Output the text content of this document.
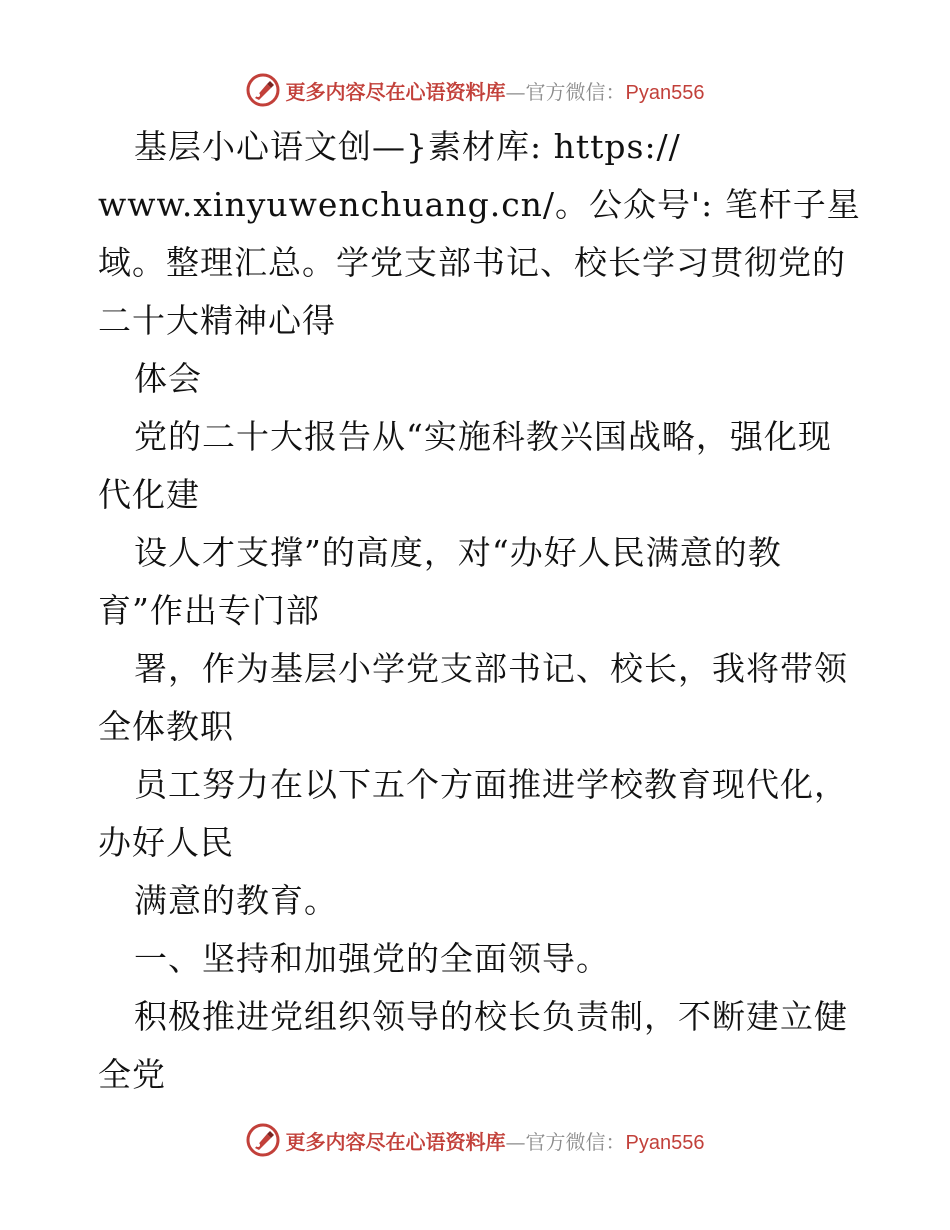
更多内容尽在心语资料库—官方微信：Pyan556
基层小心语文创—}素材库: https://
www.xinyuwenchuang.cn/。公众号': 笔杆子星
域。整理汇总。学党支部书记、校长学习贯彻党的
二十大精神心得
体会
党的二十大报告从“实施科教兴国战略，强化现
代化建
设人才支撑”的高度，对“办好人民满意的教
育”作出专门部
署，作为基层小学党支部书记、校长，我将带领
全体教职
员工努力在以下五个方面推进学校教育现代化，
办好人民
满意的教育。
一、坚持和加强党的全面领导。
积极推进党组织领导的校长负责制，不断建立健
全党
更多内容尽在心语资料库—官方微信：Pyan556
